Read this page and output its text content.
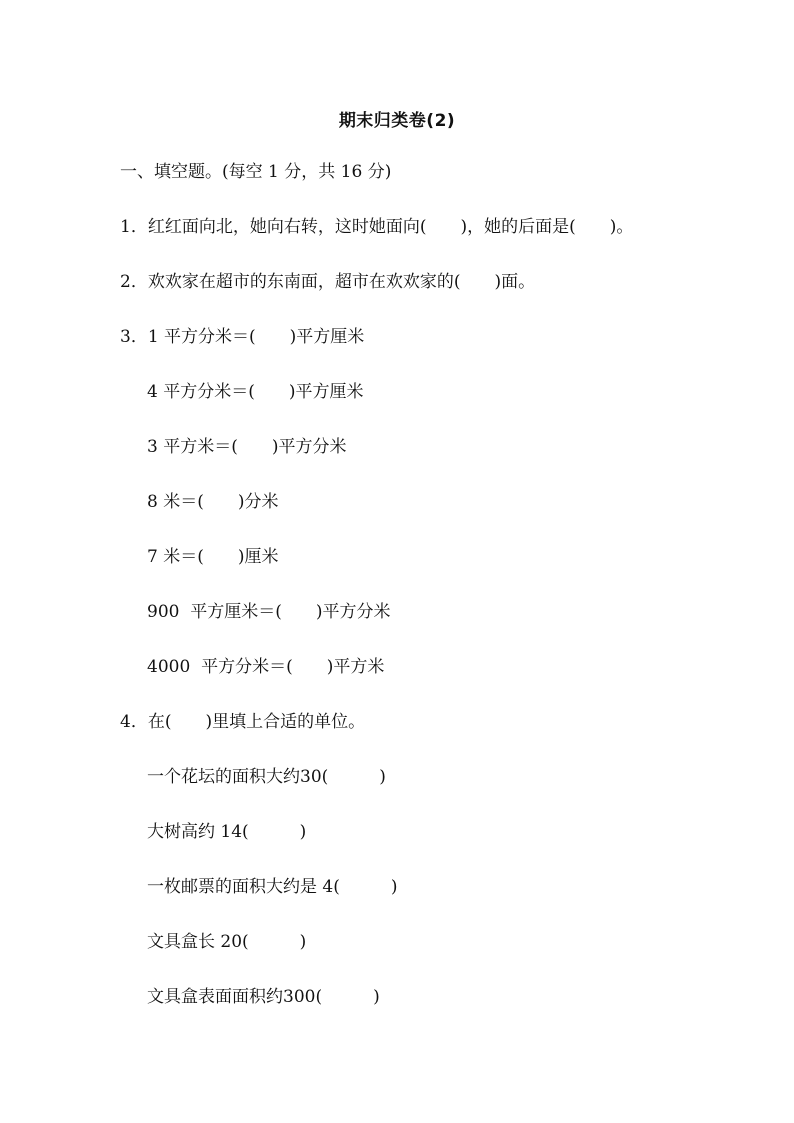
期末归类卷(2)
一、填空题。(每空 1 分，共 16 分)
1．红红面向北，她向右转，这时她面向(　　)，她的后面是(　　)。
2．欢欢家在超市的东南面，超市在欢欢家的(　　)面。
3．1 平方分米＝(　　)平方厘米
4 平方分米＝(　　)平方厘米
3 平方米＝(　　)平方分米
8 米＝(　　)分米
7 米＝(　　)厘米
900  平方厘米＝(　　)平方分米
4000  平方分米＝(　　)平方米
4．在(　　)里填上合适的单位。
一个花坛的面积大约30(　　　)
大树高约 14(　　　)
一枚邮票的面积大约是 4(　　　)
文具盒长 20(　　　)
文具盒表面面积约300(　　　)
